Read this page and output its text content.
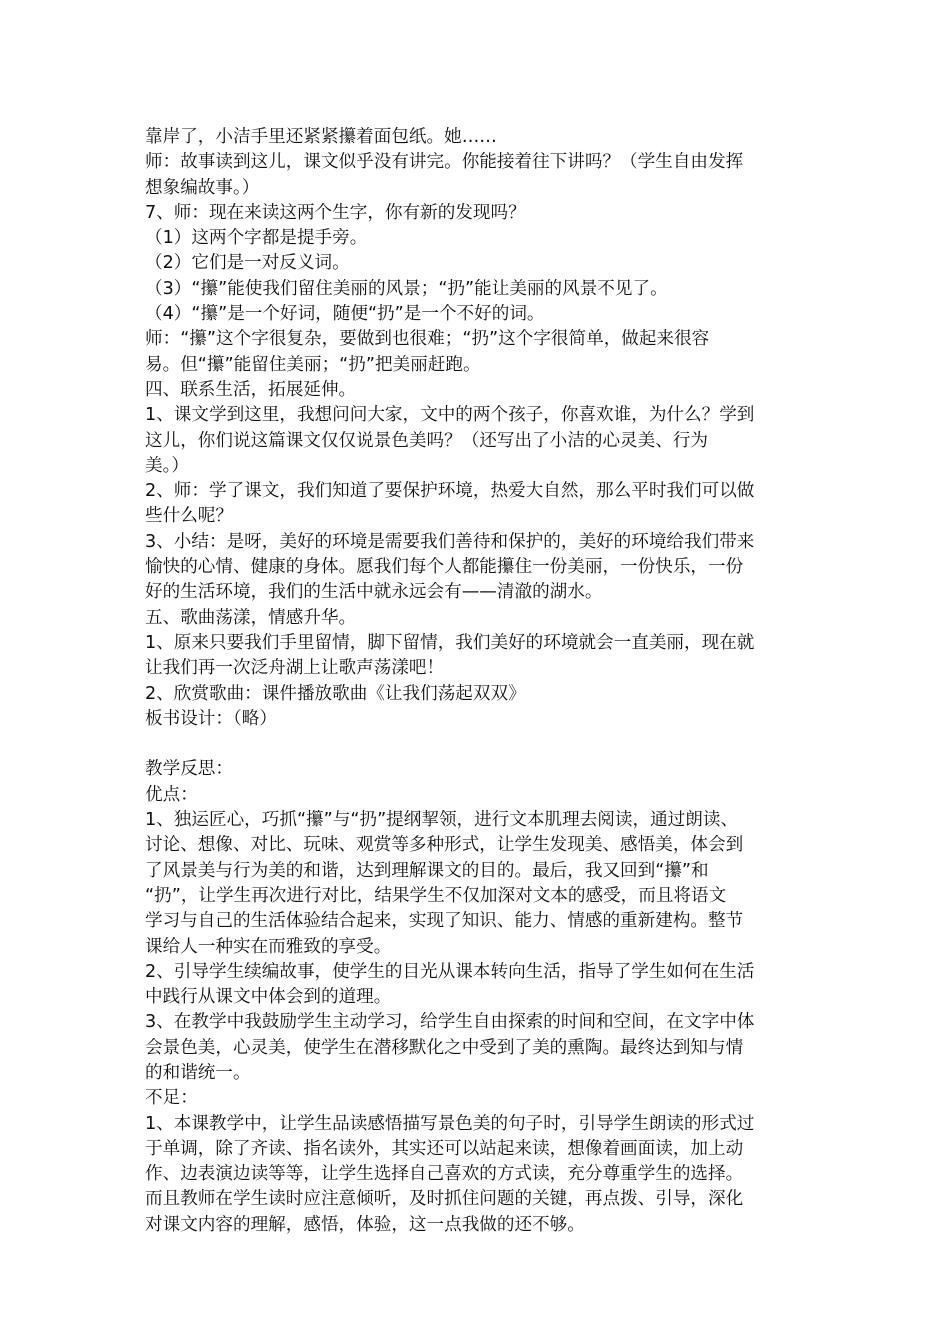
靠岸了，小洁手里还紧紧攥着面包纸。她……
师：故事读到这儿，课文似乎没有讲完。你能接着往下讲吗？（学生自由发挥
想象编故事。）
7、师：现在来读这两个生字，你有新的发现吗？
（1）这两个字都是提手旁。
（2）它们是一对反义词。
（3）“攥”能使我们留住美丽的风景；“扔”能让美丽的风景不见了。
（4）“攥”是一个好词，随便“扔”是一个不好的词。
师：“攥”这个字很复杂，要做到也很难；“扔”这个字很简单，做起来很容
易。但“攥”能留住美丽；“扔”把美丽赶跑。
四、联系生活，拓展延伸。
1、课文学到这里，我想问问大家，文中的两个孩子，你喜欢谁，为什么？学到
这儿，你们说这篇课文仅仅说景色美吗？（还写出了小洁的心灵美、行为
美。）
2、师：学了课文，我们知道了要保护环境，热爱大自然，那么平时我们可以做
些什么呢？
3、小结：是呀，美好的环境是需要我们善待和保护的，美好的环境给我们带来
愉快的心情、健康的身体。愿我们每个人都能攥住一份美丽，一份快乐，一份
好的生活环境，我们的生活中就永远会有——清澈的湖水。
五、歌曲荡漾，情感升华。
1、原来只要我们手里留情，脚下留情，我们美好的环境就会一直美丽，现在就
让我们再一次泛舟湖上让歌声荡漾吧！
2、欣赏歌曲：课件播放歌曲《让我们荡起双双》
板书设计：（略）
教学反思：
优点：
1、独运匠心，巧抓“攥”与“扔”提纲挈领，进行文本肌理去阅读，通过朗读、
讨论、想像、对比、玩味、观赏等多种形式，让学生发现美、感悟美，体会到
了风景美与行为美的和谐，达到理解课文的目的。最后，我又回到“攥”和
“扔”，让学生再次进行对比，结果学生不仅加深对文本的感受，而且将语文
学习与自己的生活体验结合起来，实现了知识、能力、情感的重新建构。整节
课给人一种实在而雅致的享受。
2、引导学生续编故事，使学生的目光从课本转向生活，指导了学生如何在生活
中践行从课文中体会到的道理。
3、在教学中我鼓励学生主动学习，给学生自由探索的时间和空间，在文字中体
会景色美，心灵美，使学生在潜移默化之中受到了美的熏陶。最终达到知与情
的和谐统一。
不足：
1、本课教学中，让学生品读感悟描写景色美的句子时，引导学生朗读的形式过
于单调，除了齐读、指名读外，其实还可以站起来读，想像着画面读，加上动
作、边表演边读等等，让学生选择自己喜欢的方式读，充分尊重学生的选择。
而且教师在学生读时应注意倾听，及时抓住问题的关键，再点拨、引导，深化
对课文内容的理解，感悟，体验，这一点我做的还不够。
